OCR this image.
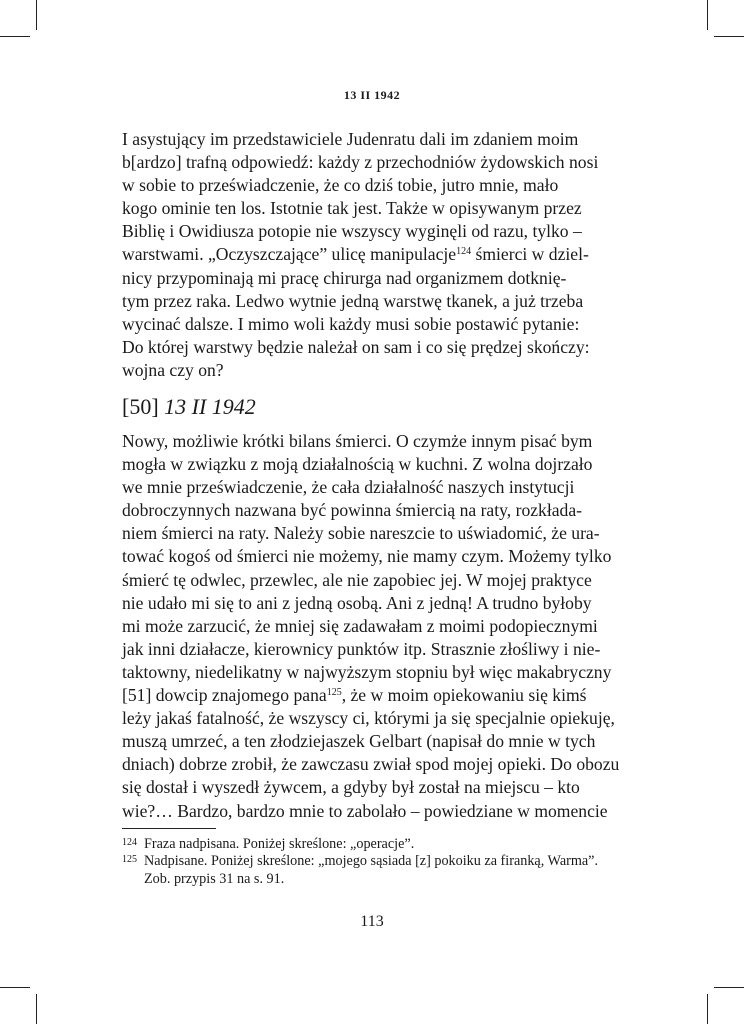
13 II 1942

I asystujący im przedstawiciele Judenratu dali im zdaniem moim

b[ardzo] trafną odpowiedź: każdy z przechodniów żydowskich nosi

w sobie to przeświadczenie, że co dziś tobie, jutro mnie, mało

kogo ominie ten los. Istotnie tak jest. Także w opisywanym przez

Biblię i Owidiusza potopie nie wszyscy wyginęli od razu, tylko –

warstwami. „Oczyszczające” ulicę manipulacje$^{124}$ śmierci w dziel-

nicy przypominają mi pracę chirurga nad organizmem dotknię-

tym przez raka. Ledwo wytnie jedną warstwę tkanek, a już trzeba

wycinać dalsze. I mimo woli każdy musi sobie postawić pytanie:

Do której warstwy będzie należał on sam i co się prędzej skończy:

wojna czy on?

[50] 13 II 1942

Nowy, możliwie krótki bilans śmierci. O czymże innym pisać bym

mogła w związku z moją działalnością w kuchni. Z wolna dojrzało

we mnie przeświadczenie, że cała działalność naszych instytucji

dobroczynnych nazwana być powinna śmiercią na raty, rozkłada-

niem śmierci na raty. Należy sobie nareszcie to uświadomić, że ura-

tować kogoś od śmierci nie możemy, nie mamy czym. Możemy tylko

śmierć tę odwlec, przewlec, ale nie zapobiec jej. W mojej praktyce

nie udało mi się to ani z jedną osobą. Ani z jedną! A trudno byłoby

mi może zarzucić, że mniej się zadawałam z moimi podopiecznymi

jak inni działacze, kierownicy punktów itp. Strasznie złośliwy i nie-

taktowny, niedelikatny w najwyższym stopniu był więc makabryczny

[51] dowcip znajomego pana$^{125}$, że w moim opiekowaniu się kimś

leży jakaś fatalność, że wszyscy ci, którymi ja się specjalnie opiekuję,

muszą umrzeć, a ten złodziejaszek Gelbart (napisał do mnie w tych

dniach) dobrze zrobił, że zawczasu zwiał spod mojej opieki. Do obozu

się dostał i wyszedł żywcem, a gdyby był został na miejscu – kto

wie?… Bardzo, bardzo mnie to zabolało – powiedziane w momencie

124 Fraza nadpisana. Poniżej skreślone: „operacje”.
125 Nadpisane. Poniżej skreślone: „mojego sąsiada [z] pokoiku za firanką, Warma”. Zob. przypis 31 na s. 91.
113
